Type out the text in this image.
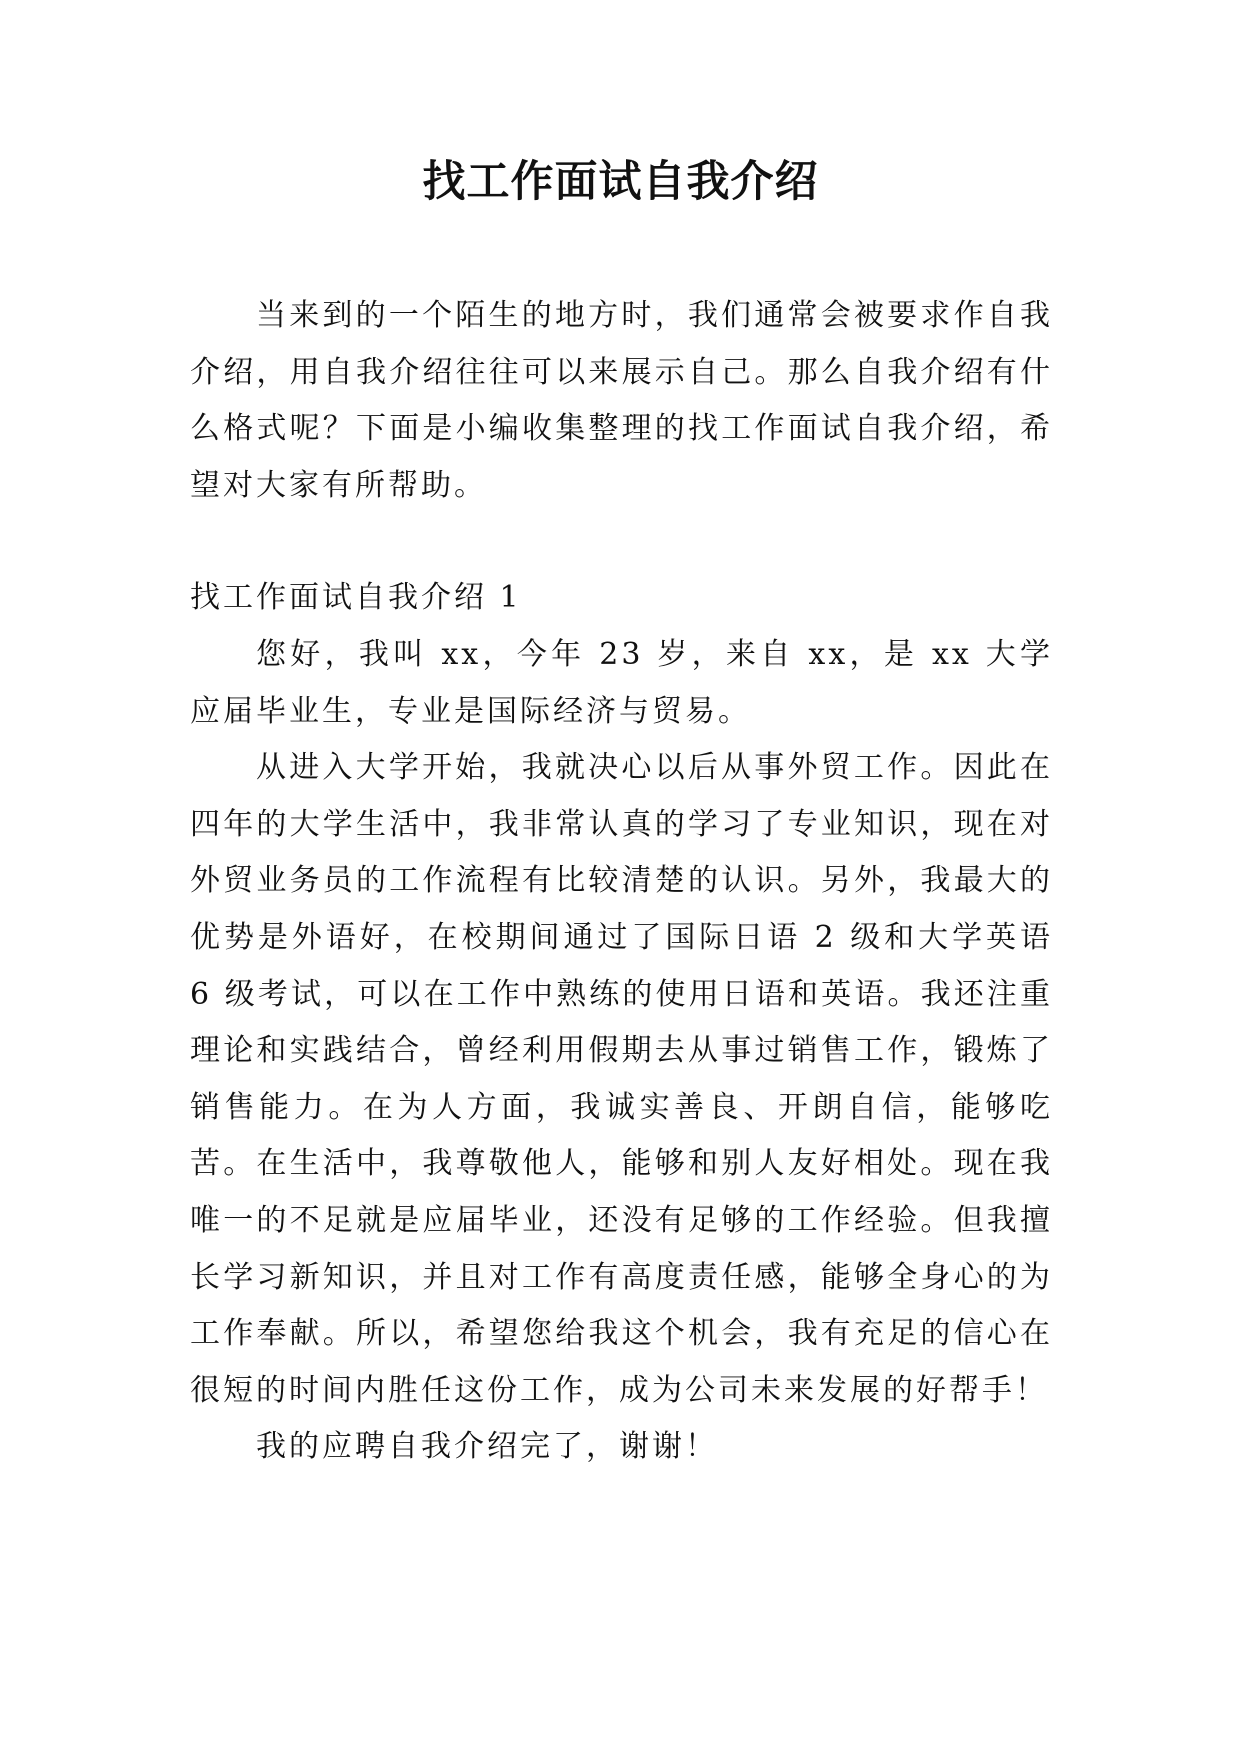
找工作面试自我介绍

当来到的一个陌生的地方时，我们通常会被要求作自我介绍，用自我介绍往往可以来展示自己。那么自我介绍有什么格式呢？下面是小编收集整理的找工作面试自我介绍，希望对大家有所帮助。

找工作面试自我介绍 1

您好，我叫 xx，今年 23 岁，来自 xx，是 xx 大学应届毕业生，专业是国际经济与贸易。

从进入大学开始，我就决心以后从事外贸工作。因此在四年的大学生活中，我非常认真的学习了专业知识，现在对外贸业务员的工作流程有比较清楚的认识。另外，我最大的优势是外语好，在校期间通过了国际日语 2 级和大学英语 6 级考试，可以在工作中熟练的使用日语和英语。我还注重理论和实践结合，曾经利用假期去从事过销售工作，锻炼了销售能力。在为人方面，我诚实善良、开朗自信，能够吃苦。在生活中，我尊敬他人，能够和别人友好相处。现在我唯一的不足就是应届毕业，还没有足够的工作经验。但我擅长学习新知识，并且对工作有高度责任感，能够全身心的为工作奉献。所以，希望您给我这个机会，我有充足的信心在很短的时间内胜任这份工作，成为公司未来发展的好帮手！

我的应聘自我介绍完了，谢谢！
